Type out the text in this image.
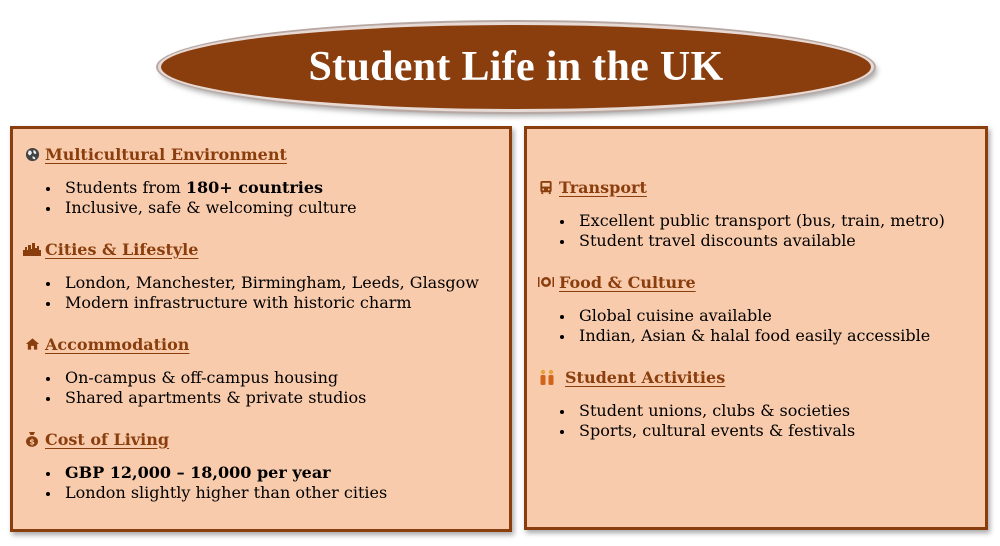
Student Life in the UK
Multicultural Environment
Students from 180+ countries
Inclusive, safe & welcoming culture
Cities & Lifestyle
London, Manchester, Birmingham, Leeds, Glasgow
Modern infrastructure with historic charm
Accommodation
On-campus & off-campus housing
Shared apartments & private studios
$ Cost of Living
GBP 12,000 – 18,000 per year
London slightly higher than other cities
Transport
Excellent public transport (bus, train, metro)
Student travel discounts available
Food & Culture
Global cuisine available
Indian, Asian & halal food easily accessible
Student Activities
Student unions, clubs & societies
Sports, cultural events & festivals
